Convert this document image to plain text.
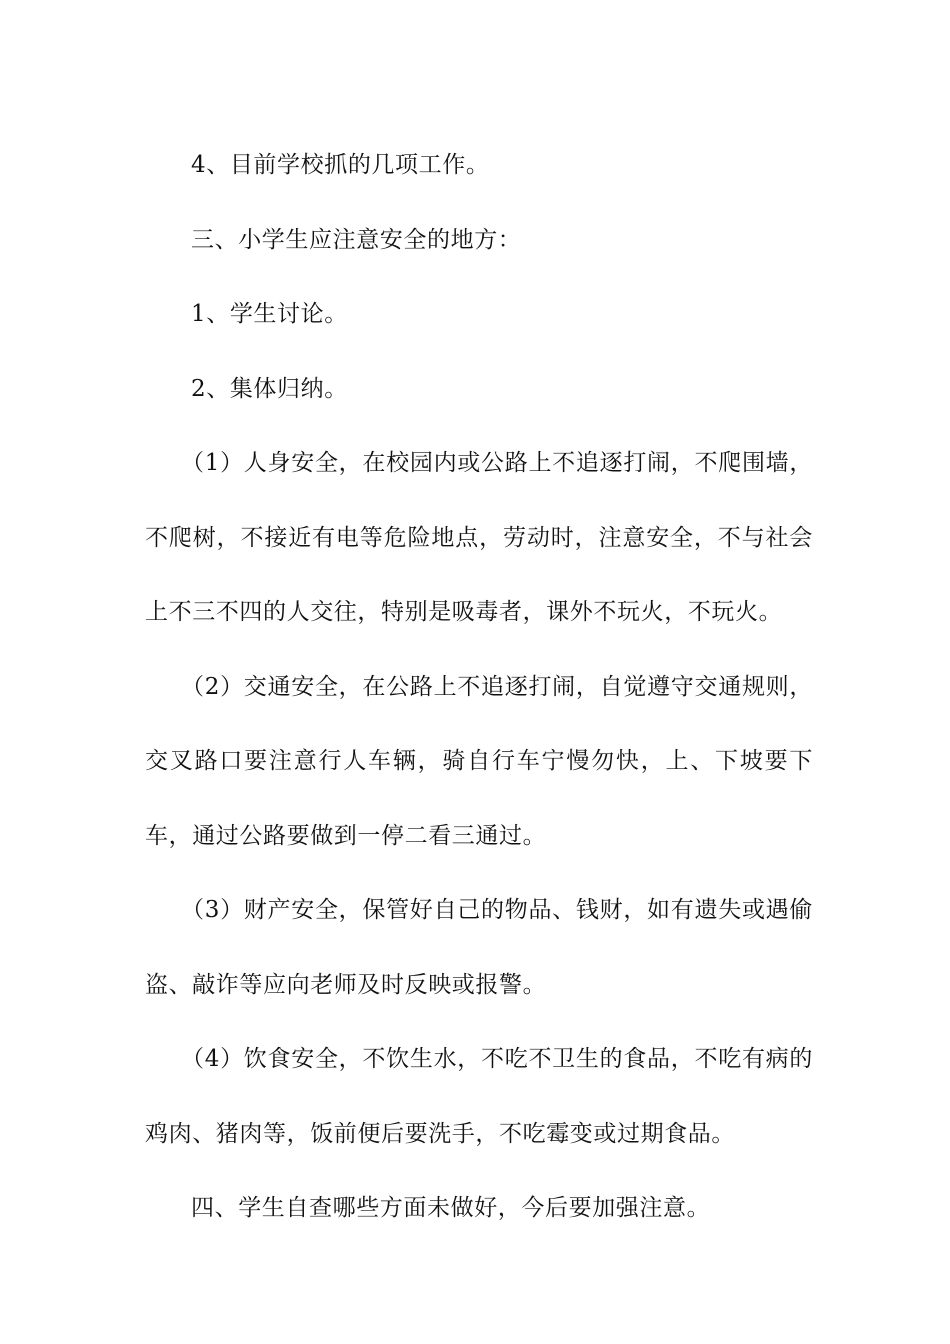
4、目前学校抓的几项工作。

三、小学生应注意安全的地方：

1、学生讨论。

2、集体归纳。

（1）人身安全，在校园内或公路上不追逐打闹，不爬围墙，不爬树，不接近有电等危险地点，劳动时，注意安全，不与社会上不三不四的人交往，特别是吸毒者，课外不玩火，不玩火。

（2）交通安全，在公路上不追逐打闹，自觉遵守交通规则，交叉路口要注意行人车辆，骑自行车宁慢勿快，上、下坡要下车，通过公路要做到一停二看三通过。

（3）财产安全，保管好自己的物品、钱财，如有遗失或遇偷盗、敲诈等应向老师及时反映或报警。

（4）饮食安全，不饮生水，不吃不卫生的食品，不吃有病的鸡肉、猪肉等，饭前便后要洗手，不吃霉变或过期食品。

四、学生自查哪些方面未做好，今后要加强注意。
